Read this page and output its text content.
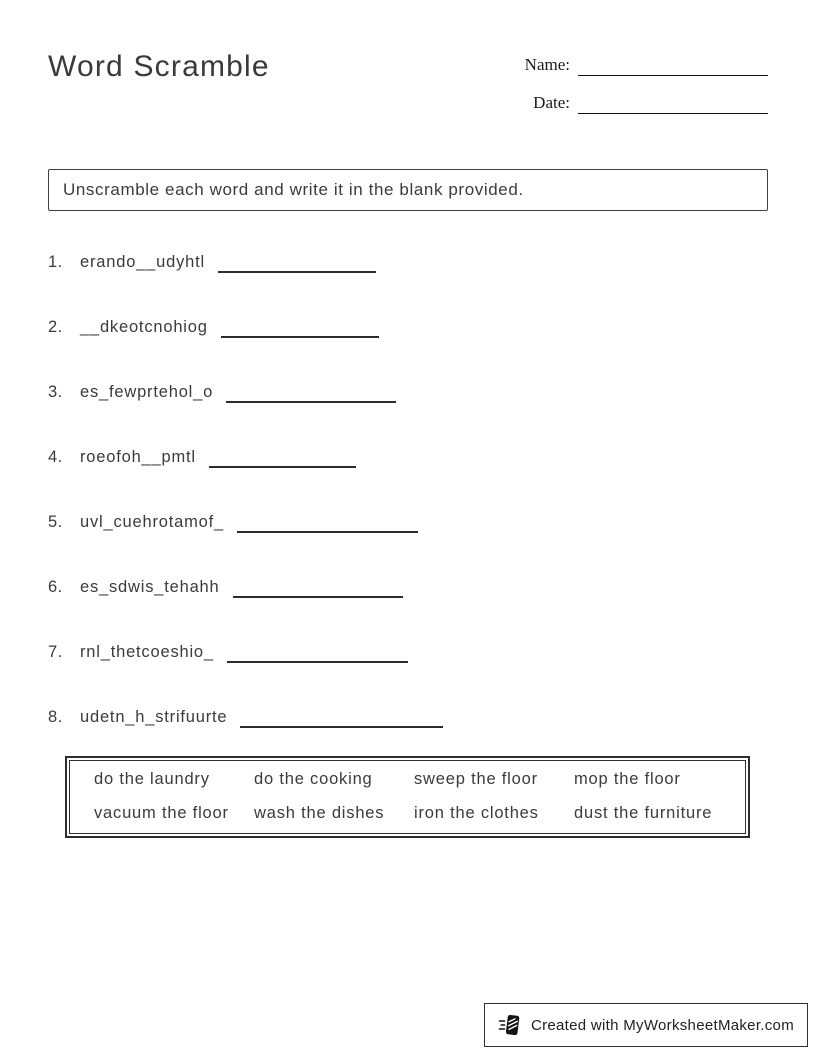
Word Scramble	Name:
Date:
Unscramble each word and write it in the blank provided.
1.	erando__udyhtl
2.	__dkeotcnohiog
3.	es_fewprtehol_o
4.	roeofoh__pmtl
5.	uvl_cuehrotamof_
6.	es_sdwis_tehahh
7.	rnl_thetcoeshio_
8.	udetn_h_strifuurte
do the laundry	do the cooking	sweep the floor	mop the floor
vacuum the floor	wash the dishes	iron the clothes	dust the furniture
Created with MyWorksheetMaker.com
